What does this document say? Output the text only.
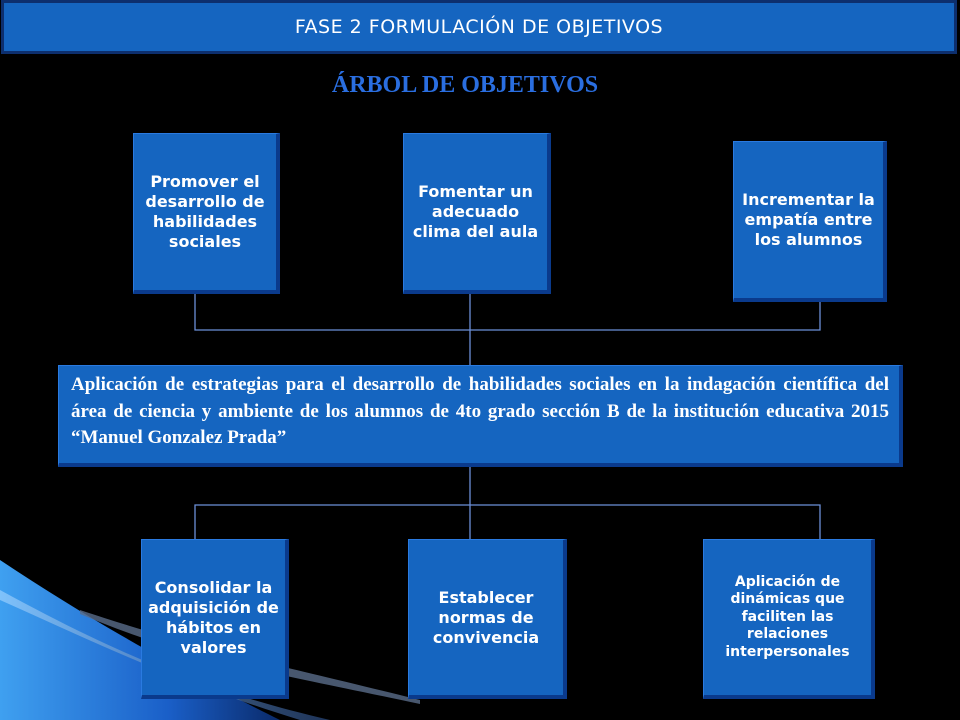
FASE 2 FORMULACIÓN DE OBJETIVOS
ÁRBOL DE OBJETIVOS
Promover el desarrollo de habilidades sociales
Fomentar un adecuado clima del aula
Incrementar la empatía entre los alumnos
Aplicación de estrategias para el desarrollo de habilidades sociales en la indagación científica del área de ciencia y ambiente de los alumnos de 4to grado sección B de la institución educativa 2015 “Manuel Gonzalez Prada”
Consolidar la adquisición de hábitos en valores
Establecer normas de convivencia
Aplicación de dinámicas que faciliten las relaciones interpersonales
